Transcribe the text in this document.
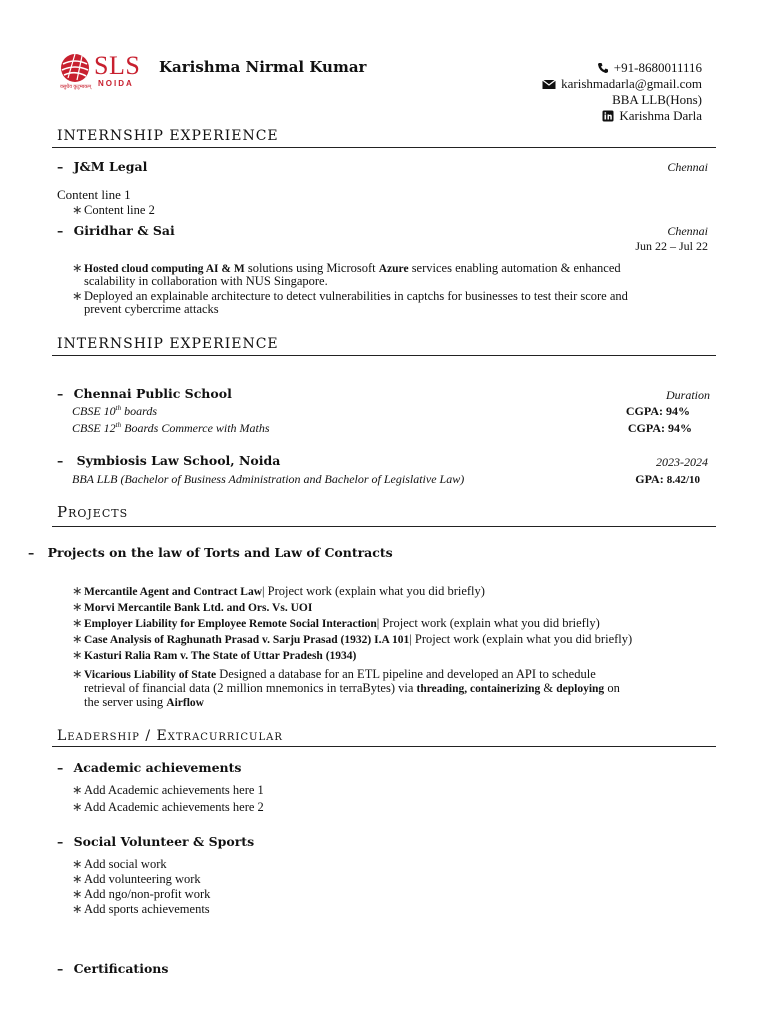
SLS
NOIDA
वसुधैव कुटुम्बकम्
Karishma Nirmal Kumar	+91-8680011116
karishmadarla@gmail.com
BBA LLB(Hons)
Karishma Darla
INTERNSHIP EXPERIENCE
– J&M Legal	Chennai
Content line 1
∗ Content line 2
– Giridhar & Sai	Chennai
Jun 22 – Jul 22
∗ Hosted cloud computing AI & M solutions using Microsoft Azure services enabling automation & enhanced
scalability in collaboration with NUS Singapore.
∗ Deployed an explainable architecture to detect vulnerabilities in captchs for businesses to test their score and
prevent cybercrime attacks
INTERNSHIP EXPERIENCE
– Chennai Public School	Duration
CBSE 10th boards	CGPA: 94%
CBSE 12th Boards Commerce with Maths	CGPA: 94%
– Symbiosis Law School, Noida	2023-2024
BBA LLB (Bachelor of Business Administration and Bachelor of Legislative Law)	GPA: 8.42/10
Projects
– Projects on the law of Torts and Law of Contracts
∗ Mercantile Agent and Contract Law| Project work (explain what you did briefly)
∗ Morvi Mercantile Bank Ltd. and Ors. Vs. UOI
∗ Employer Liability for Employee Remote Social Interaction| Project work (explain what you did briefly)
∗ Case Analysis of Raghunath Prasad v. Sarju Prasad (1932) I.A 101| Project work (explain what you did briefly)
∗ Kasturi Ralia Ram v. The State of Uttar Pradesh (1934)
∗ Vicarious Liability of State Designed a database for an ETL pipeline and developed an API to schedule
retrieval of financial data (2 million mnemonics in terraBytes) via threading, containerizing & deploying on
the server using Airflow
Leadership / Extracurricular
– Academic achievements
∗ Add Academic achievements here 1
∗ Add Academic achievements here 2
– Social Volunteer & Sports
∗ Add social work
∗ Add volunteering work
∗ Add ngo/non-profit work
∗ Add sports achievements
– Certifications
